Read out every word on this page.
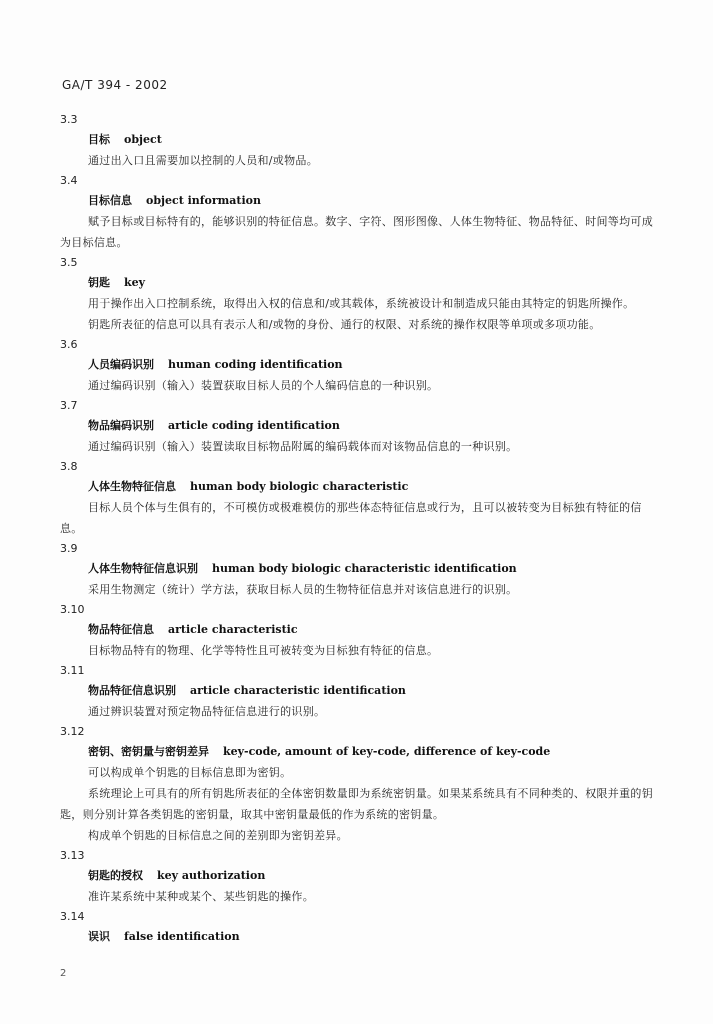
GA/T 394 - 2002
3.3
目标 object
通过出入口且需要加以控制的人员和/或物品。
3.4
目标信息 object information
赋予目标或目标特有的，能够识别的特征信息。数字、字符、图形图像、人体生物特征、物品特征、时间等均可成为目标信息。
3.5
钥匙 key
用于操作出入口控制系统，取得出入权的信息和/或其载体，系统被设计和制造成只能由其特定的钥匙所操作。
钥匙所表征的信息可以具有表示人和/或物的身份、通行的权限、对系统的操作权限等单项或多项功能。
3.6
人员编码识别 human coding identification
通过编码识别（输入）装置获取目标人员的个人编码信息的一种识别。
3.7
物品编码识别 article coding identification
通过编码识别（输入）装置读取目标物品附属的编码载体而对该物品信息的一种识别。
3.8
人体生物特征信息 human body biologic characteristic
目标人员个体与生俱有的，不可模仿或极难模仿的那些体态特征信息或行为，且可以被转变为目标独有特征的信息。
3.9
人体生物特征信息识别 human body biologic characteristic identification
采用生物测定（统计）学方法，获取目标人员的生物特征信息并对该信息进行的识别。
3.10
物品特征信息 article characteristic
目标物品特有的物理、化学等特性且可被转变为目标独有特征的信息。
3.11
物品特征信息识别 article characteristic identification
通过辨识装置对预定物品特征信息进行的识别。
3.12
密钥、密钥量与密钥差异 key-code, amount of key-code, difference of key-code
可以构成单个钥匙的目标信息即为密钥。
系统理论上可具有的所有钥匙所表征的全体密钥数量即为系统密钥量。如果某系统具有不同种类的、权限并重的钥匙，则分别计算各类钥匙的密钥量，取其中密钥量最低的作为系统的密钥量。
构成单个钥匙的目标信息之间的差别即为密钥差异。
3.13
钥匙的授权 key authorization
准许某系统中某种或某个、某些钥匙的操作。
3.14
误识 false identification
2
